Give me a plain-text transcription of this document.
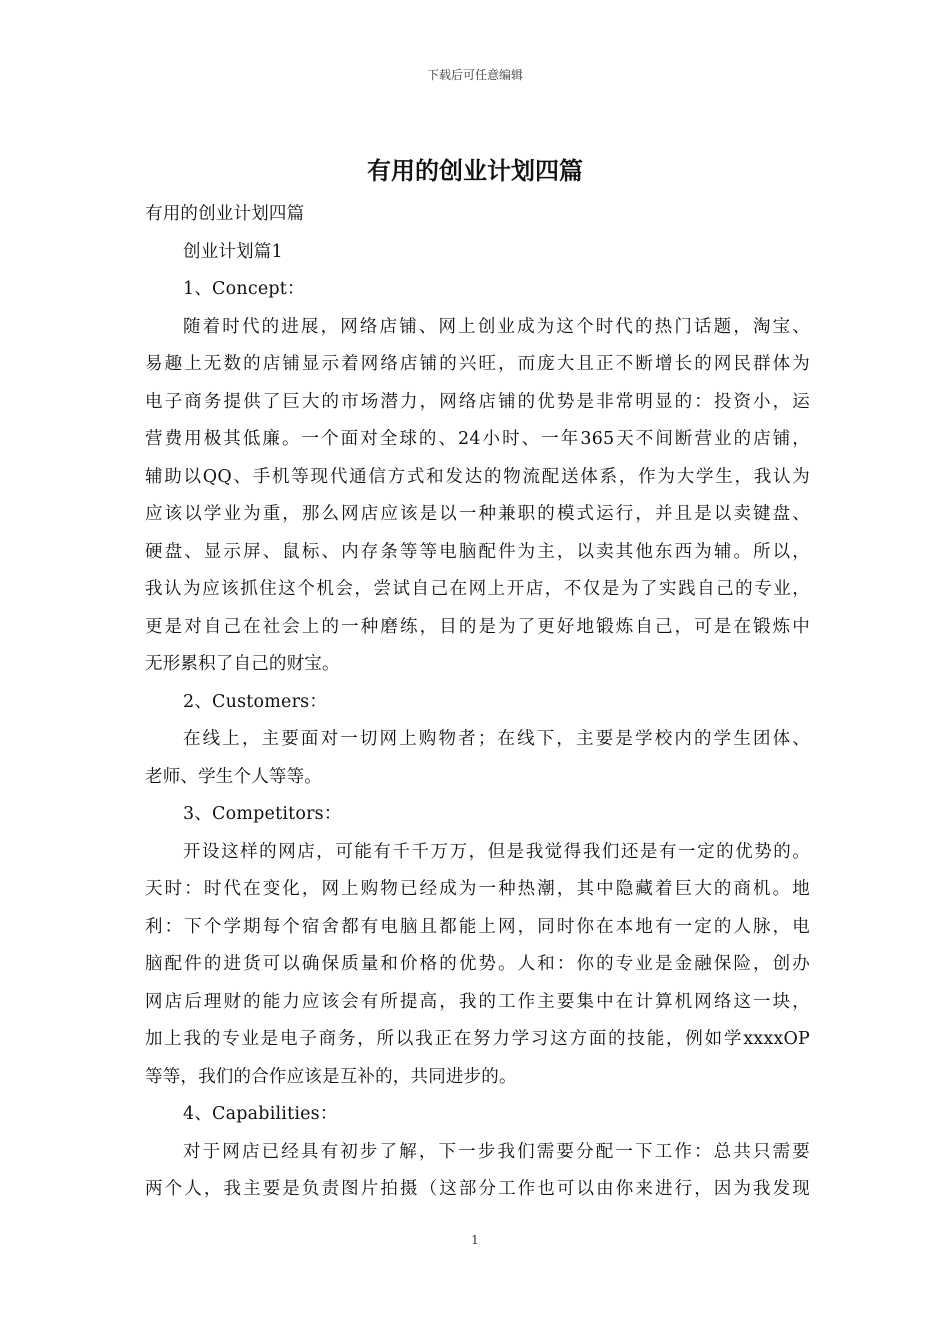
下载后可任意编辑
有用的创业计划四篇
有用的创业计划四篇
创业计划篇1
1、Concept：
随着时代的进展，网络店铺、网上创业成为这个时代的热门话题，淘宝、
易趣上无数的店铺显示着网络店铺的兴旺，而庞大且正不断增长的网民群体为
电子商务提供了巨大的市场潜力，网络店铺的优势是非常明显的：投资小，运
营费用极其低廉。一个面对全球的、24小时、一年365天不间断营业的店铺，
辅助以QQ、手机等现代通信方式和发达的物流配送体系，作为大学生，我认为
应该以学业为重，那么网店应该是以一种兼职的模式运行，并且是以卖键盘、
硬盘、显示屏、鼠标、内存条等等电脑配件为主，以卖其他东西为辅。所以，
我认为应该抓住这个机会，尝试自己在网上开店，不仅是为了实践自己的专业，
更是对自己在社会上的一种磨练，目的是为了更好地锻炼自己，可是在锻炼中
无形累积了自己的财宝。
2、Customers：
在线上，主要面对一切网上购物者；在线下，主要是学校内的学生团体、
老师、学生个人等等。
3、Competitors：
开设这样的网店，可能有千千万万，但是我觉得我们还是有一定的优势的。
天时：时代在变化，网上购物已经成为一种热潮，其中隐藏着巨大的商机。地
利：下个学期每个宿舍都有电脑且都能上网，同时你在本地有一定的人脉，电
脑配件的进货可以确保质量和价格的优势。人和：你的专业是金融保险，创办
网店后理财的能力应该会有所提高，我的工作主要集中在计算机网络这一块，
加上我的专业是电子商务，所以我正在努力学习这方面的技能，例如学xxxxOP
等等，我们的合作应该是互补的，共同进步的。
4、Capabilities：
对于网店已经具有初步了解，下一步我们需要分配一下工作：总共只需要
两个人，我主要是负责图片拍摄（这部分工作也可以由你来进行，因为我发现
1
